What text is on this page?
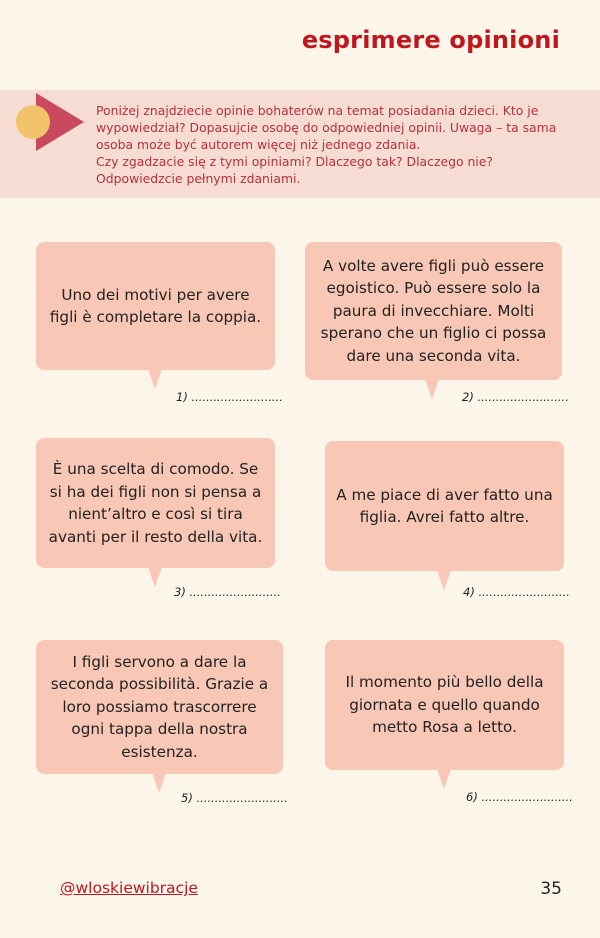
esprimere opinioni

Poniżej znajdziecie opinie bohaterów na temat posiadania dzieci. Kto je wypowiedział? Dopasujcie osobę do odpowiedniej opinii. Uwaga – ta sama osoba może być autorem więcej niż jednego zdania.

Czy zgadzacie się z tymi opiniami? Dlaczego tak? Dlaczego nie? Odpowiedzcie pełnymi zdaniami.

Uno dei motivi per avere figli è completare la coppia.
1) .........................
A volte avere figli può essere egoistico. Può essere solo la paura di invecchiare. Molti sperano che un figlio ci possa dare una seconda vita.
2) .........................
È una scelta di comodo. Se si ha dei figli non si pensa a nient’altro e così si tira avanti per il resto della vita.
3) .........................
A me piace di aver fatto una figlia. Avrei fatto altre.
4) .........................
I figli servono a dare la seconda possibilità. Grazie a loro possiamo trascorrere ogni tappa della nostra esistenza.
5) .........................
Il momento più bello della giornata e quello quando metto Rosa a letto.
6) .........................
@wloskiewibracje	35
